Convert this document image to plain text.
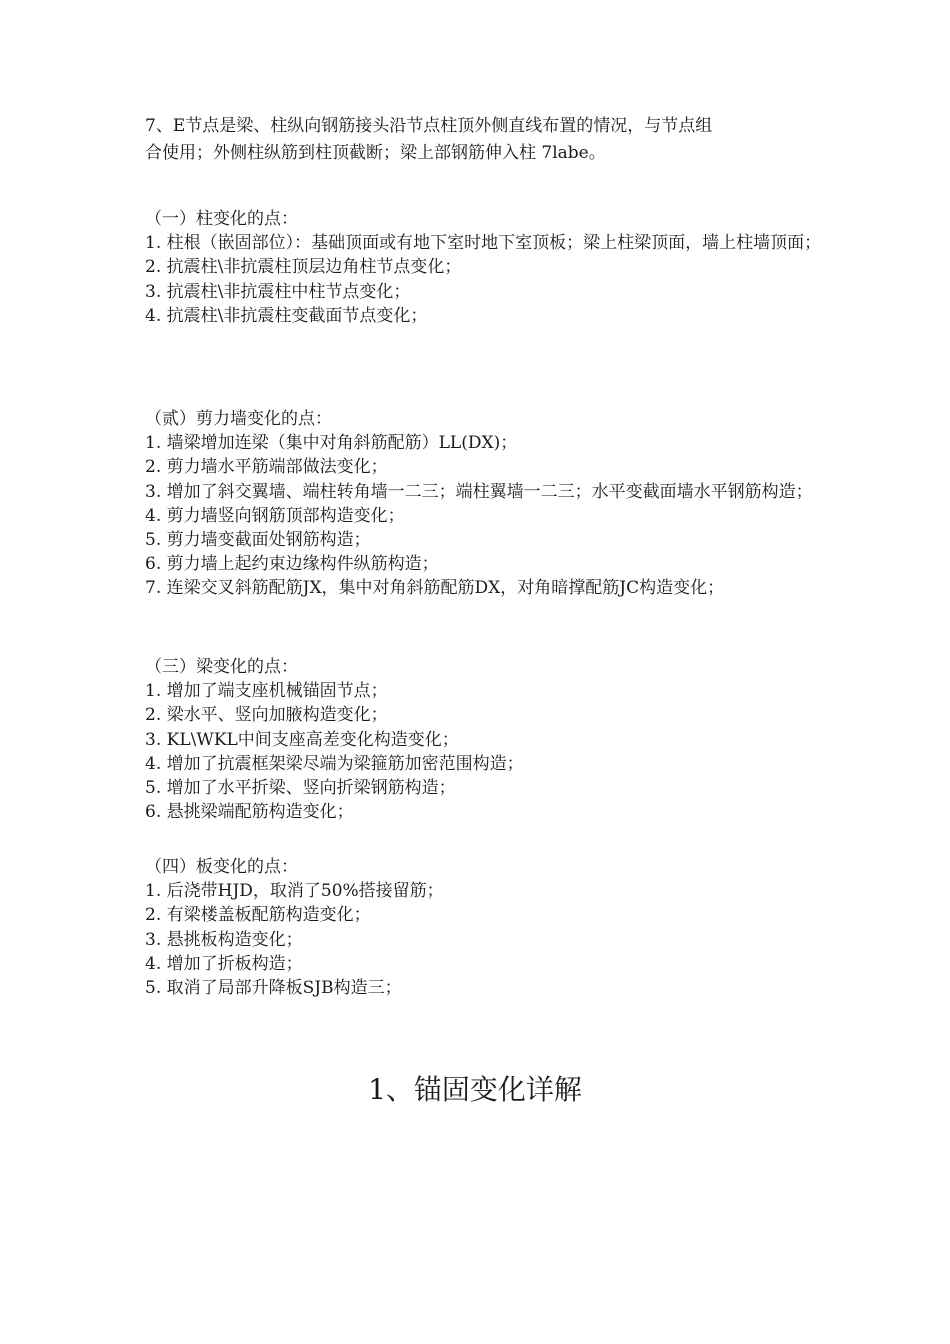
7、E节点是梁、柱纵向钢筋接头沿节点柱顶外侧直线布置的情况，与节点组

合使用；外侧柱纵筋到柱顶截断；梁上部钢筋伸入柱 7labe。

（一）柱变化的点：

1. 柱根（嵌固部位）：基础顶面或有地下室时地下室顶板；梁上柱梁顶面，墙上柱墙顶面；
2. 抗震柱\非抗震柱顶层边角柱节点变化；
3. 抗震柱\非抗震柱中柱节点变化；
4. 抗震柱\非抗震柱变截面节点变化；

（贰）剪力墙变化的点：

1. 墙梁增加连梁（集中对角斜筋配筋）LL(DX)；
2. 剪力墙水平筋端部做法变化；
3. 增加了斜交翼墙、端柱转角墙一二三；端柱翼墙一二三；水平变截面墙水平钢筋构造；
4. 剪力墙竖向钢筋顶部构造变化；
5. 剪力墙变截面处钢筋构造；
6. 剪力墙上起约束边缘构件纵筋构造；
7. 连梁交叉斜筋配筋JX，集中对角斜筋配筋DX，对角暗撑配筋JC构造变化；

（三）梁变化的点：

1. 增加了端支座机械锚固节点；
2. 梁水平、竖向加腋构造变化；
3. KL\WKL中间支座高差变化构造变化；
4. 增加了抗震框架梁尽端为梁箍筋加密范围构造；
5. 增加了水平折梁、竖向折梁钢筋构造；
6. 悬挑梁端配筋构造变化；

（四）板变化的点：

1. 后浇带HJD，取消了50%搭接留筋；
2. 有梁楼盖板配筋构造变化；
3. 悬挑板构造变化；
4. 增加了折板构造；
5. 取消了局部升降板SJB构造三；
1、锚固变化详解
